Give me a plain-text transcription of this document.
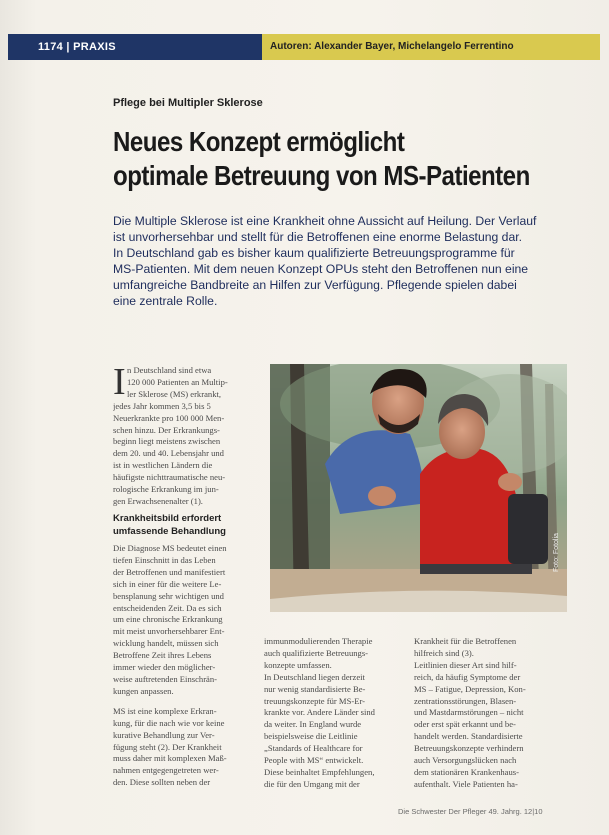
1174 | PRAXIS	Autoren: Alexander Bayer, Michelangelo Ferrentino
Pflege bei Multipler Sklerose
Neues Konzept ermöglicht
optimale Betreuung von MS-Patienten
Die Multiple Sklerose ist eine Krankheit ohne Aussicht auf Heilung. Der Verlauf
ist unvorhersehbar und stellt für die Betroffenen eine enorme Belastung dar.
In Deutschland gab es bisher kaum qualifizierte Betreuungsprogramme für
MS-Patienten. Mit dem neuen Konzept OPUs steht den Betroffenen nun eine
umfangreiche Bandbreite an Hilfen zur Verfügung. Pflegende spielen dabei
eine zentrale Rolle.
I n Deutschland sind etwa
120 000 Patienten an Multip-
ler Sklerose (MS) erkrankt,
jedes Jahr kommen 3,5 bis 5
Neuerkrankte pro 100 000 Men-
schen hinzu. Der Erkrankungs-
beginn liegt meistens zwischen
dem 20. und 40. Lebensjahr und
ist in westlichen Ländern die
häufigste nichttraumatische neu-
rologische Erkrankung im jun-
gen Erwachsenenalter (1).
Krankheitsbild erfordert
umfassende Behandlung
Die Diagnose MS bedeutet einen
tiefen Einschnitt in das Leben
der Betroffenen und manifestiert
sich in einer für die weitere Le-
bensplanung sehr wichtigen und
entscheidenden Zeit. Da es sich
um eine chronische Erkrankung
mit meist unvorhersehbarer Ent-
wicklung handelt, müssen sich
Betroffene Zeit ihres Lebens
immer wieder den möglicher-
weise auftretenden Einschrän-
kungen anpassen.
MS ist eine komplexe Erkran-
kung, für die nach wie vor keine
kurative Behandlung zur Ver-
fügung steht (2). Der Krankheit
muss daher mit komplexen Maß-
nahmen entgegengetreten wer-
den. Diese sollten neben der
Foto: Fotolia
immunmodulierenden Therapie
auch qualifizierte Betreuungs-
konzepte umfassen.
In Deutschland liegen derzeit
nur wenig standardisierte Be-
treuungskonzepte für MS-Er-
krankte vor. Andere Länder sind
da weiter. In England wurde
beispielsweise die Leitlinie
„Standards of Healthcare for
People with MS“ entwickelt.
Diese beinhaltet Empfehlungen,
die für den Umgang mit der
Krankheit für die Betroffenen
hilfreich sind (3).
Leitlinien dieser Art sind hilf-
reich, da häufig Symptome der
MS – Fatigue, Depression, Kon-
zentrationsstörungen, Blasen-
und Mastdarmstörungen – nicht
oder erst spät erkannt und be-
handelt werden. Standardisierte
Betreuungskonzepte verhindern
auch Versorgungslücken nach
dem stationären Krankenhaus-
aufenthalt. Viele Patienten ha-
Die Schwester Der Pfleger 49. Jahrg. 12|10
